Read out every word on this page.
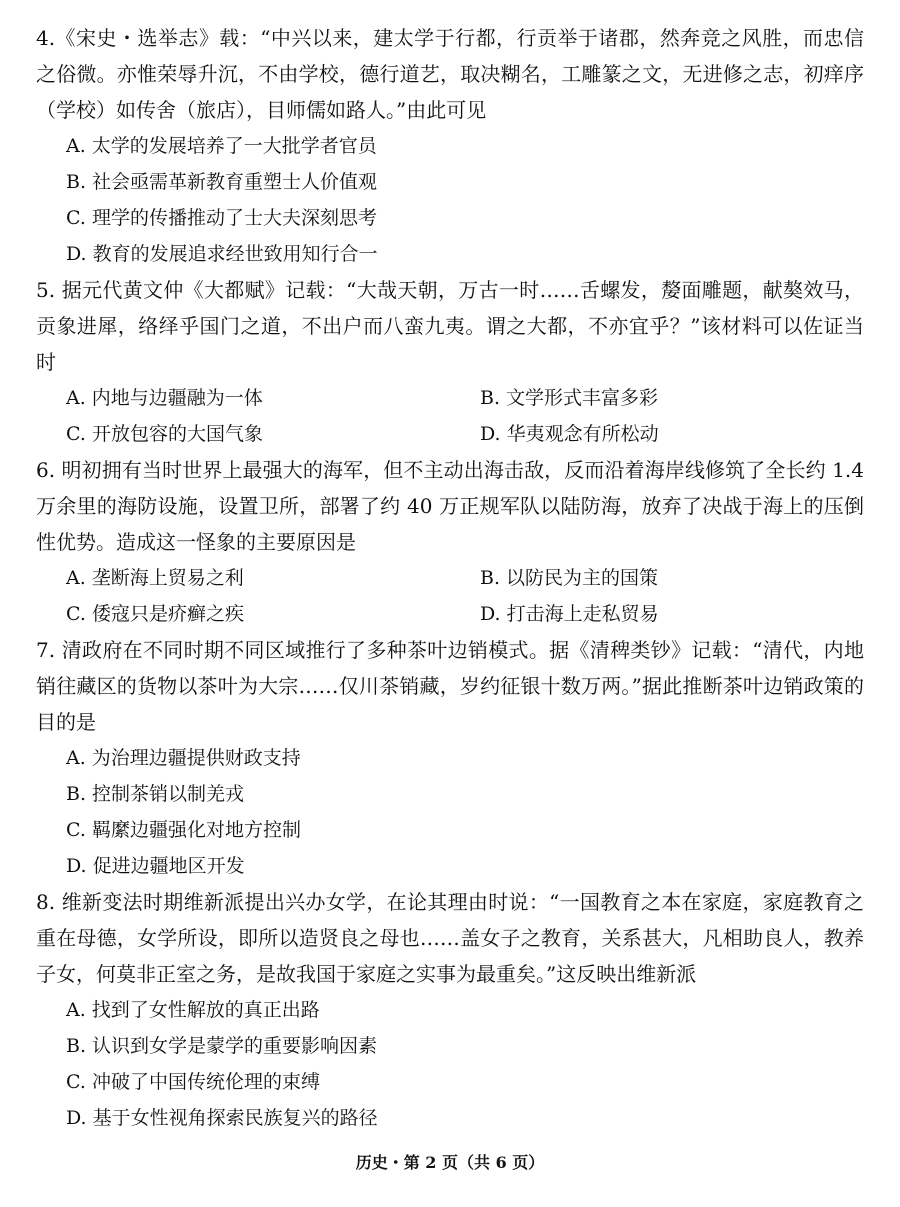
4.《宋史・选举志》载：“中兴以来，建太学于行都，行贡举于诸郡，然奔竞之风胜，而忠信之俗微。亦惟荣辱升沉，不由学校，德行道艺，取决糊名，工雕篆之文，无进修之志，初痒序（学校）如传舍（旅店），目师儒如路人。”由此可见

A. 太学的发展培养了一大批学者官员

B. 社会亟需革新教育重塑士人价值观

C. 理学的传播推动了士大夫深刻思考

D. 教育的发展追求经世致用知行合一

5. 据元代黄文仲《大都赋》记载：“大哉天朝，万古一时……舌螺发，嫠面雕题，献獒效马，贡象进犀，络绎乎国门之道，不出户而八蛮九夷。谓之大都，不亦宜乎？”该材料可以佐证当时

A. 内地与边疆融为一体	B. 文学形式丰富多彩

C. 开放包容的大国气象	D. 华夷观念有所松动

6. 明初拥有当时世界上最强大的海军，但不主动出海击敌，反而沿着海岸线修筑了全长约 1.4 万余里的海防设施，设置卫所，部署了约 40 万正规军队以陆防海，放弃了决战于海上的压倒性优势。造成这一怪象的主要原因是

A. 垄断海上贸易之利	B. 以防民为主的国策

C. 倭寇只是疥癣之疾	D. 打击海上走私贸易

7. 清政府在不同时期不同区域推行了多种茶叶边销模式。据《清稗类钞》记载：“清代，内地销往藏区的货物以茶叶为大宗……仅川茶销藏，岁约征银十数万两。”据此推断茶叶边销政策的目的是

A. 为治理边疆提供财政支持

B. 控制茶销以制羌戎

C. 羁縻边疆强化对地方控制

D. 促进边疆地区开发

8. 维新变法时期维新派提出兴办女学，在论其理由时说：“一国教育之本在家庭，家庭教育之重在母德，女学所设，即所以造贤良之母也……盖女子之教育，关系甚大，凡相助良人，教养子女，何莫非正室之务，是故我国于家庭之实事为最重矣。”这反映出维新派

A. 找到了女性解放的真正出路

B. 认识到女学是蒙学的重要影响因素

C. 冲破了中国传统伦理的束缚

D. 基于女性视角探索民族复兴的路径

历史・第 2 页（共 6 页）
